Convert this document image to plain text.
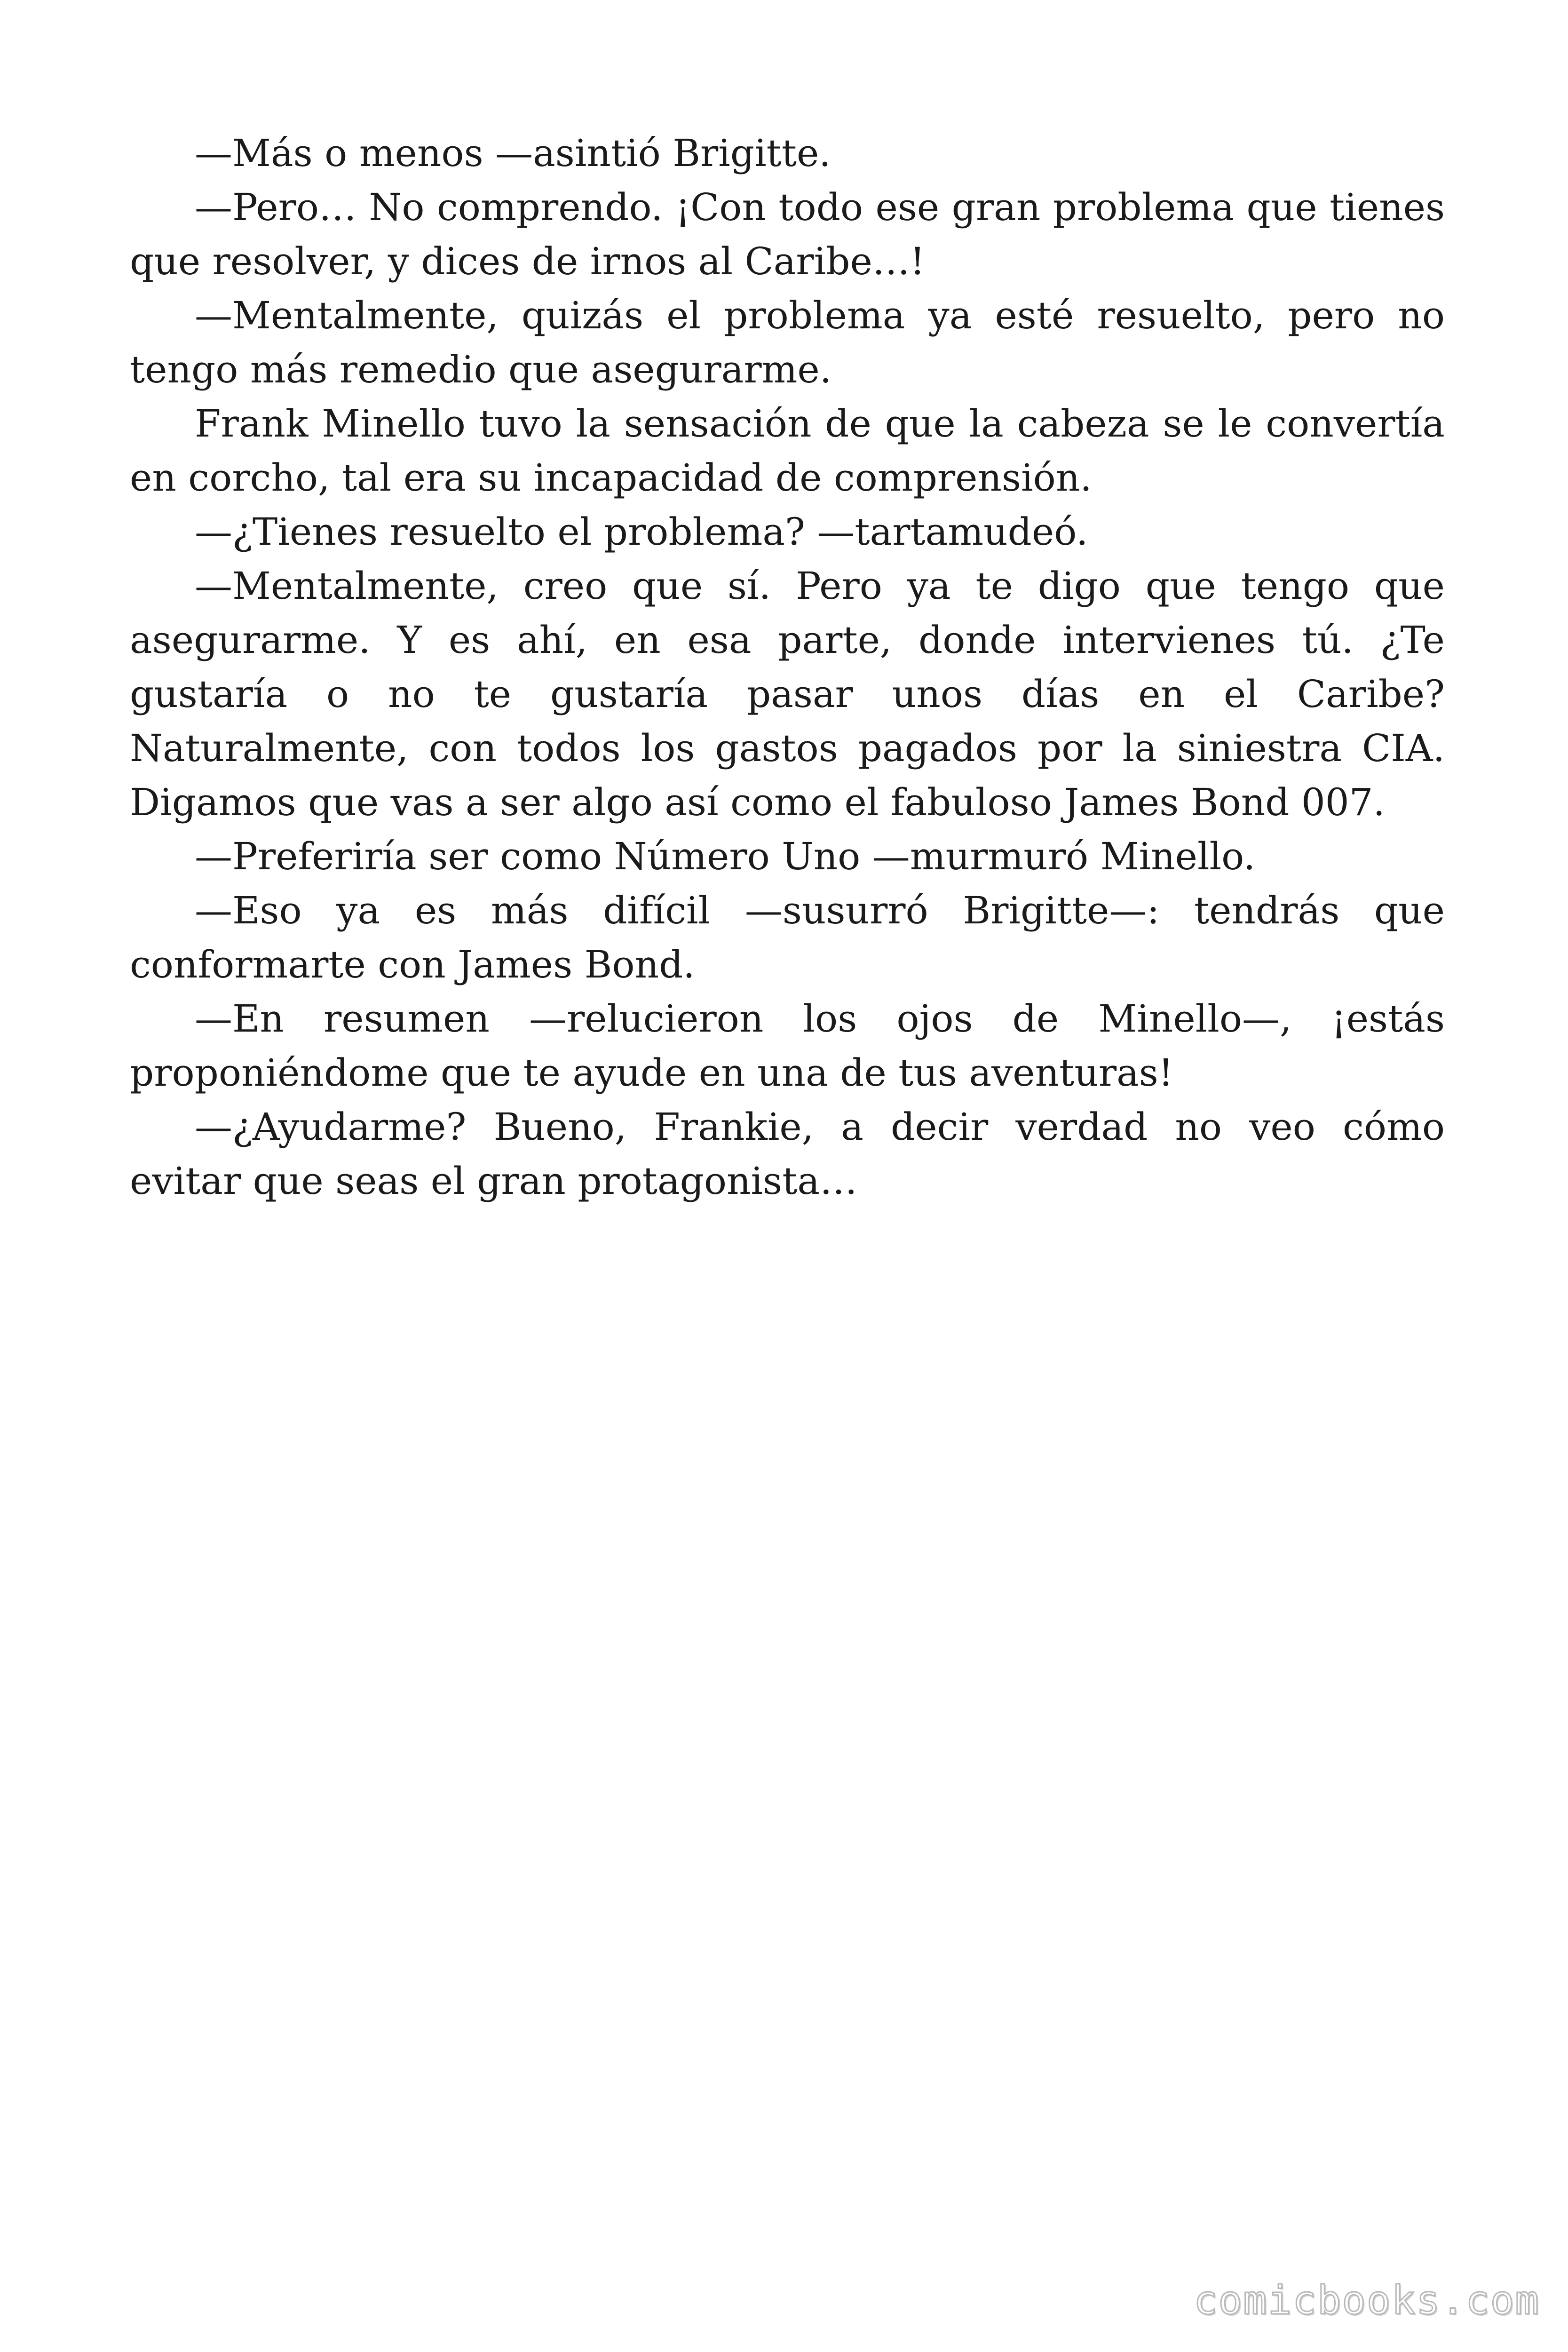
—Más o menos —asintió Brigitte.

—Pero… No comprendo. ¡Con todo ese gran problema que tienes que resolver, y dices de irnos al Caribe…!

—Mentalmente, quizás el problema ya esté resuelto, pero no tengo más remedio que asegurarme.

Frank Minello tuvo la sensación de que la cabeza se le convertía en corcho, tal era su incapacidad de comprensión.

—¿Tienes resuelto el problema? —tartamudeó.

—Mentalmente, creo que sí. Pero ya te digo que tengo que asegurarme. Y es ahí, en esa parte, donde intervienes tú. ¿Te gustaría o no te gustaría pasar unos días en el Caribe? Naturalmente, con todos los gastos pagados por la siniestra CIA. Digamos que vas a ser algo así como el fabuloso James Bond 007.

—Preferiría ser como Número Uno —murmuró Minello.

—Eso ya es más difícil —susurró Brigitte—: tendrás que conformarte con James Bond.

—En resumen —relucieron los ojos de Minello—, ¡estás proponiéndome que te ayude en una de tus aventuras!

—¿Ayudarme? Bueno, Frankie, a decir verdad no veo cómo evitar que seas el gran protagonista…

comicbooks.com
